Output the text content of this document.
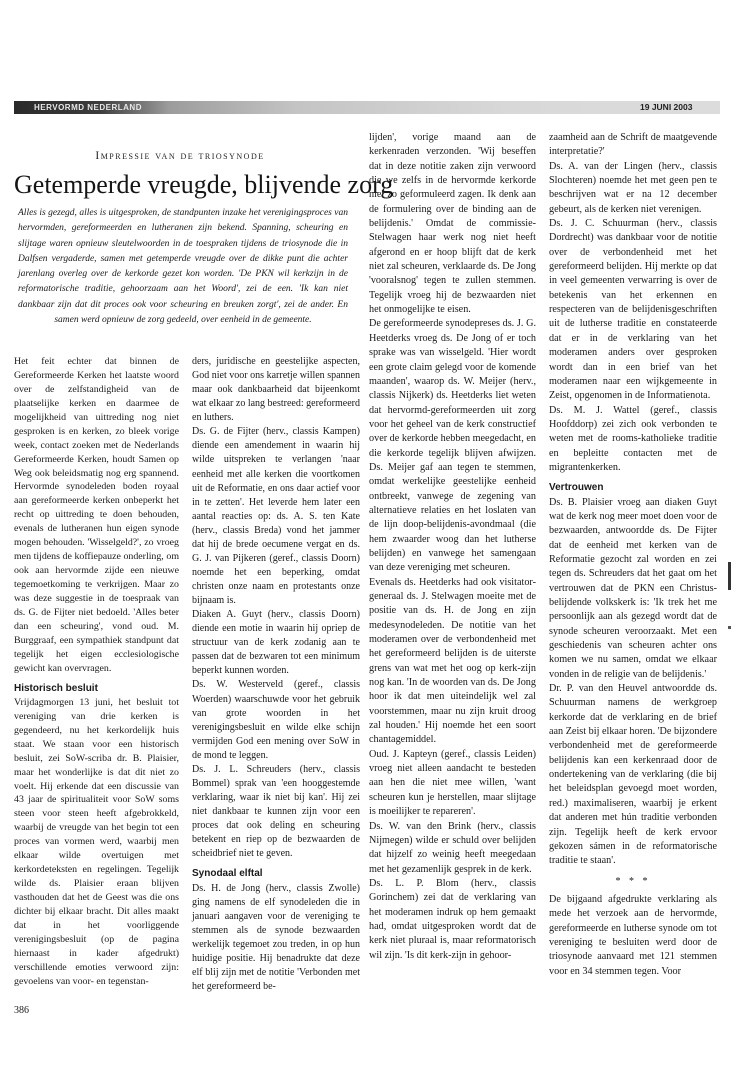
HERVORMD NEDERLAND	19 JUNI 2003
Impressie van de triosynode
Getemperde vreugde, blijvende zorg

Alles is gezegd, alles is uitgesproken, de standpunten inzake het verenigingsproces van hervormden, gereformeerden en lutheranen zijn bekend. Spanning, scheuring en slijtage waren opnieuw sleutelwoorden in de toespraken tijdens de triosynode die in Dalfsen vergaderde, samen met getemperde vreugde over de dikke punt die achter jarenlang overleg over de kerkorde gezet kon worden. 'De PKN wil kerkzijn in de reformatorische traditie, gehoorzaam aan het Woord', zei de een. 'Ik kan niet dankbaar zijn dat dit proces ook voor scheuring en breuken zorgt', zei de ander. En samen werd opnieuw de zorg gedeeld, over eenheid in de gemeente.

Het feit echter dat binnen de Gereformeerde Kerken het laatste woord over de zelfstandigheid van de plaatselijke kerken en daarmee de mogelijkheid van uittreding nog niet gesproken is en kerken, zo bleek vorige week, contact zoeken met de Nederlands Gereformeerde Kerken, houdt Samen op Weg ook beleidsmatig nog erg spannend. Hervormde synodeleden boden royaal aan gereformeerde kerken onbeperkt het recht op uittreding te doen behouden, evenals de lutheranen hun eigen synode mogen behouden. 'Wisselgeld?', zo vroeg men tijdens de koffiepauze onderling, om ook aan hervormde zijde een nieuwe tegemoetkoming te verkrijgen. Maar zo was deze suggestie in de toespraak van ds. G. de Fijter niet bedoeld. 'Alles beter dan een scheuring', vond oud. M. Burggraaf, een sympathiek standpunt dat tegelijk het eigen ecclesiologische gewicht kan overvragen.

Historisch besluit

Vrijdagmorgen 13 juni, het besluit tot vereniging van drie kerken is gegendeerd, nu het kerkordelijk huis staat. We staan voor een historisch besluit, zei SoW-scriba dr. B. Plaisier, maar het wonderlijke is dat dit niet zo voelt. Hij erkende dat een discussie van 43 jaar de spiritualiteit voor SoW soms steen voor steen heeft afgebrokkeld, waarbij de vreugde van het begin tot een proces van vormen werd, waarbij men elkaar wilde overtuigen met kerkordeteksten en regelingen. Tegelijk wilde ds. Plaisier eraan blijven vasthouden dat het de Geest was die ons dichter bij elkaar bracht. Dit alles maakt dat in het voorliggende verenigingsbesluit (op de pagina hiernaast in kader afgedrukt) verschillende emoties verwoord zijn: gevoelens van voor- en tegenstan-

ders, juridische en geestelijke aspecten, God niet voor ons karretje willen spannen maar ook dankbaarheid dat bijeenkomt wat elkaar zo lang bestreed: gereformeerd en luthers.

Ds. G. de Fijter (herv., classis Kampen) diende een amendement in waarin hij wilde uitspreken te verlangen 'naar eenheid met alle kerken die voortkomen uit de Reformatie, en ons daar actief voor in te zetten'. Het leverde hem later een aantal reacties op: ds. A. S. ten Kate (herv., classis Breda) vond het jammer dat hij de brede oecumene vergat en ds. G. J. van Pijkeren (geref., classis Doorn) noemde het een beperking, omdat christen onze naam en protestants onze bijnaam is.

Diaken A. Guyt (herv., classis Doorn) diende een motie in waarin hij opriep de structuur van de kerk zodanig aan te passen dat de bezwaren tot een minimum beperkt kunnen worden.

Ds. W. Westerveld (geref., classis Woerden) waarschuwde voor het gebruik van grote woorden in het verenigingsbesluit en wilde elke schijn vermijden God een mening over SoW in de mond te leggen.

Ds. J. L. Schreuders (herv., classis Bommel) sprak van 'een hooggestemde verklaring, waar ik niet bij kan'. Hij zei niet dankbaar te kunnen zijn voor een proces dat ook deling en scheuring betekent en riep op de bezwaarden de scheidbrief niet te geven.

Synodaal elftal

Ds. H. de Jong (herv., classis Zwolle) ging namens de elf synodeleden die in januari aangaven voor de vereniging te stemmen als de synode bezwaarden werkelijk tegemoet zou treden, in op hun huidige positie. Hij benadrukte dat deze elf blij zijn met de notitie 'Verbonden met het gereformeerd be-

lijden', vorige maand aan de kerkenraden verzonden. 'Wij beseffen dat in deze notitie zaken zijn verwoord die we zelfs in de hervormde kerkorde niet zo geformuleerd zagen. Ik denk aan de formulering over de binding aan de belijdenis.' Omdat de commissie-Stelwagen haar werk nog niet heeft afgerond en er hoop blijft dat de kerk niet zal scheuren, verklaarde ds. De Jong 'vooralsnog' tegen te zullen stemmen. Tegelijk vroeg hij de bezwaarden niet het onmogelijke te eisen.

De gereformeerde synodepreses ds. J. G. Heetderks vroeg ds. De Jong of er toch sprake was van wisselgeld. 'Hier wordt een grote claim gelegd voor de komende maanden', waarop ds. W. Meijer (herv., classis Nijkerk) ds. Heetderks liet weten dat hervormd-gereformeerden uit zorg voor het geheel van de kerk constructief over de kerkorde hebben meegedacht, en die kerkorde tegelijk blijven afwijzen. Ds. Meijer gaf aan tegen te stemmen, omdat werkelijke geestelijke eenheid ontbreekt, vanwege de zegening van alternatieve relaties en het loslaten van de lijn doop-belijdenis-avondmaal (die hem zwaarder woog dan het lutherse belijden) en vanwege het samengaan van deze vereniging met scheuren.

Evenals ds. Heetderks had ook visitator-generaal ds. J. Stelwagen moeite met de positie van ds. H. de Jong en zijn medesynodeleden. De notitie van het moderamen over de verbondenheid met het gereformeerd belijden is de uiterste grens van wat met het oog op kerk-zijn nog kan. 'In de woorden van ds. De Jong hoor ik dat men uiteindelijk wel zal voorstemmen, maar nu zijn kruit droog zal houden.' Hij noemde het een soort chantagemiddel.

Oud. J. Kapteyn (geref., classis Leiden) vroeg niet alleen aandacht te besteden aan hen die niet mee willen, 'want scheuren kun je herstellen, maar slijtage is moeilijker te repareren'.

Ds. W. van den Brink (herv., classis Nijmegen) wilde er schuld over belijden dat hijzelf zo weinig heeft meegedaan met het gezamenlijk gesprek in de kerk.

Ds. L. P. Blom (herv., classis Gorinchem) zei dat de verklaring van het moderamen indruk op hem gemaakt had, omdat uitgesproken wordt dat de kerk niet pluraal is, maar reformatorisch wil zijn. 'Is dit kerk-zijn in gehoor-

zaamheid aan de Schrift de maatgevende interpretatie?'

Ds. A. van der Lingen (herv., classis Slochteren) noemde het met geen pen te beschrijven wat er na 12 december gebeurt, als de kerken niet verenigen.

Ds. J. C. Schuurman (herv., classis Dordrecht) was dankbaar voor de notitie over de verbondenheid met het gereformeerd belijden. Hij merkte op dat in veel gemeenten verwarring is over de betekenis van het erkennen en respecteren van de belijdenisgeschriften uit de lutherse traditie en constateerde dat er in de verklaring van het moderamen anders over gesproken wordt dan in een brief van het moderamen naar een wijkgemeente in Zeist, opgenomen in de Informatienota.

Ds. M. J. Wattel (geref., classis Hoofddorp) zei zich ook verbonden te weten met de rooms-katholieke traditie en bepleitte contacten met de migrantenkerken.

Vertrouwen

Ds. B. Plaisier vroeg aan diaken Guyt wat de kerk nog meer moet doen voor de bezwaarden, antwoordde ds. De Fijter dat de eenheid met kerken van de Reformatie gezocht zal worden en zei tegen ds. Schreuders dat het gaat om het vertrouwen dat de PKN een Christus-belijdende volkskerk is: 'Ik trek het me persoonlijk aan als gezegd wordt dat de synode scheuren veroorzaakt. Met een geschiedenis van scheuren achter ons komen we nu samen, omdat we elkaar vonden in de religie van de belijdenis.'

Dr. P. van den Heuvel antwoordde ds. Schuurman namens de werkgroep kerkorde dat de verklaring en de brief aan Zeist bij elkaar horen. 'De bijzondere verbondenheid met de gereformeerde belijdenis kan een kerkenraad door de ondertekening van de verklaring (die bij het beleidsplan gevoegd moet worden, red.) maximaliseren, waarbij je erkent dat anderen met hún traditie verbonden zijn. Tegelijk heeft de kerk ervoor gekozen sámen in de reformatorische traditie te staan'.

* * *

De bijgaand afgedrukte verklaring als mede het verzoek aan de hervormde, gereformeerde en lutherse synode om tot vereniging te besluiten werd door de triosynode aanvaard met 121 stemmen voor en 34 stemmen tegen. Voor

386
